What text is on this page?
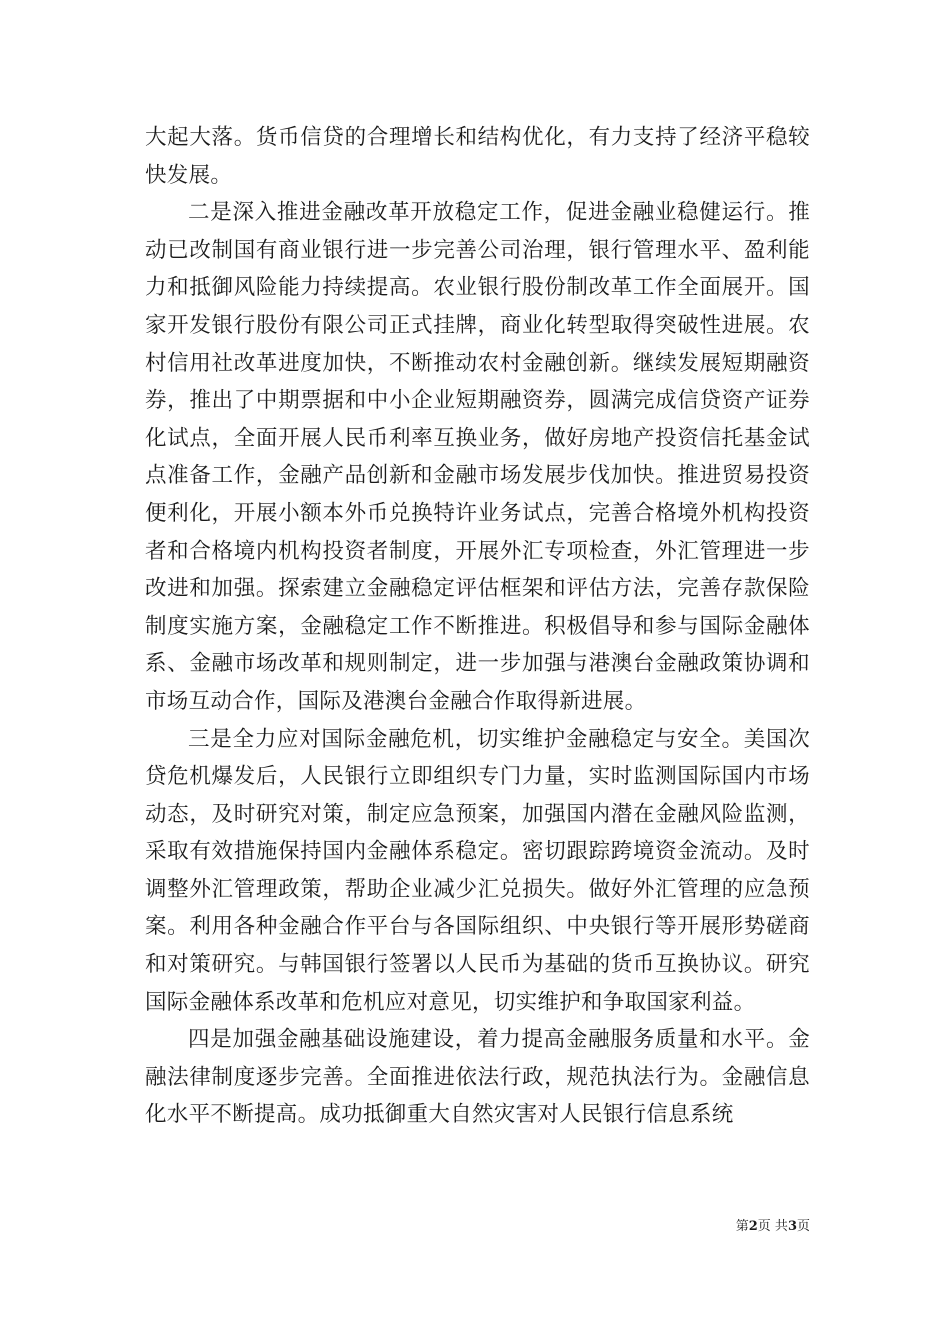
大起大落。货币信贷的合理增长和结构优化，有力支持了经济平稳较快发展。

二是深入推进金融改革开放稳定工作，促进金融业稳健运行。推动已改制国有商业银行进一步完善公司治理，银行管理水平、盈利能力和抵御风险能力持续提高。农业银行股份制改革工作全面展开。国家开发银行股份有限公司正式挂牌，商业化转型取得突破性进展。农村信用社改革进度加快，不断推动农村金融创新。继续发展短期融资券，推出了中期票据和中小企业短期融资券，圆满完成信贷资产证券化试点，全面开展人民币利率互换业务，做好房地产投资信托基金试点准备工作，金融产品创新和金融市场发展步伐加快。推进贸易投资便利化，开展小额本外币兑换特许业务试点，完善合格境外机构投资者和合格境内机构投资者制度，开展外汇专项检查，外汇管理进一步改进和加强。探索建立金融稳定评估框架和评估方法，完善存款保险制度实施方案，金融稳定工作不断推进。积极倡导和参与国际金融体系、金融市场改革和规则制定，进一步加强与港澳台金融政策协调和市场互动合作，国际及港澳台金融合作取得新进展。

三是全力应对国际金融危机，切实维护金融稳定与安全。美国次贷危机爆发后，人民银行立即组织专门力量，实时监测国际国内市场动态，及时研究对策，制定应急预案，加强国内潜在金融风险监测，采取有效措施保持国内金融体系稳定。密切跟踪跨境资金流动。及时调整外汇管理政策，帮助企业减少汇兑损失。做好外汇管理的应急预案。利用各种金融合作平台与各国际组织、中央银行等开展形势磋商和对策研究。与韩国银行签署以人民币为基础的货币互换协议。研究国际金融体系改革和危机应对意见，切实维护和争取国家利益。

四是加强金融基础设施建设，着力提高金融服务质量和水平。金融法律制度逐步完善。全面推进依法行政，规范执法行为。金融信息化水平不断提高。成功抵御重大自然灾害对人民银行信息系统

第2页 共3页
